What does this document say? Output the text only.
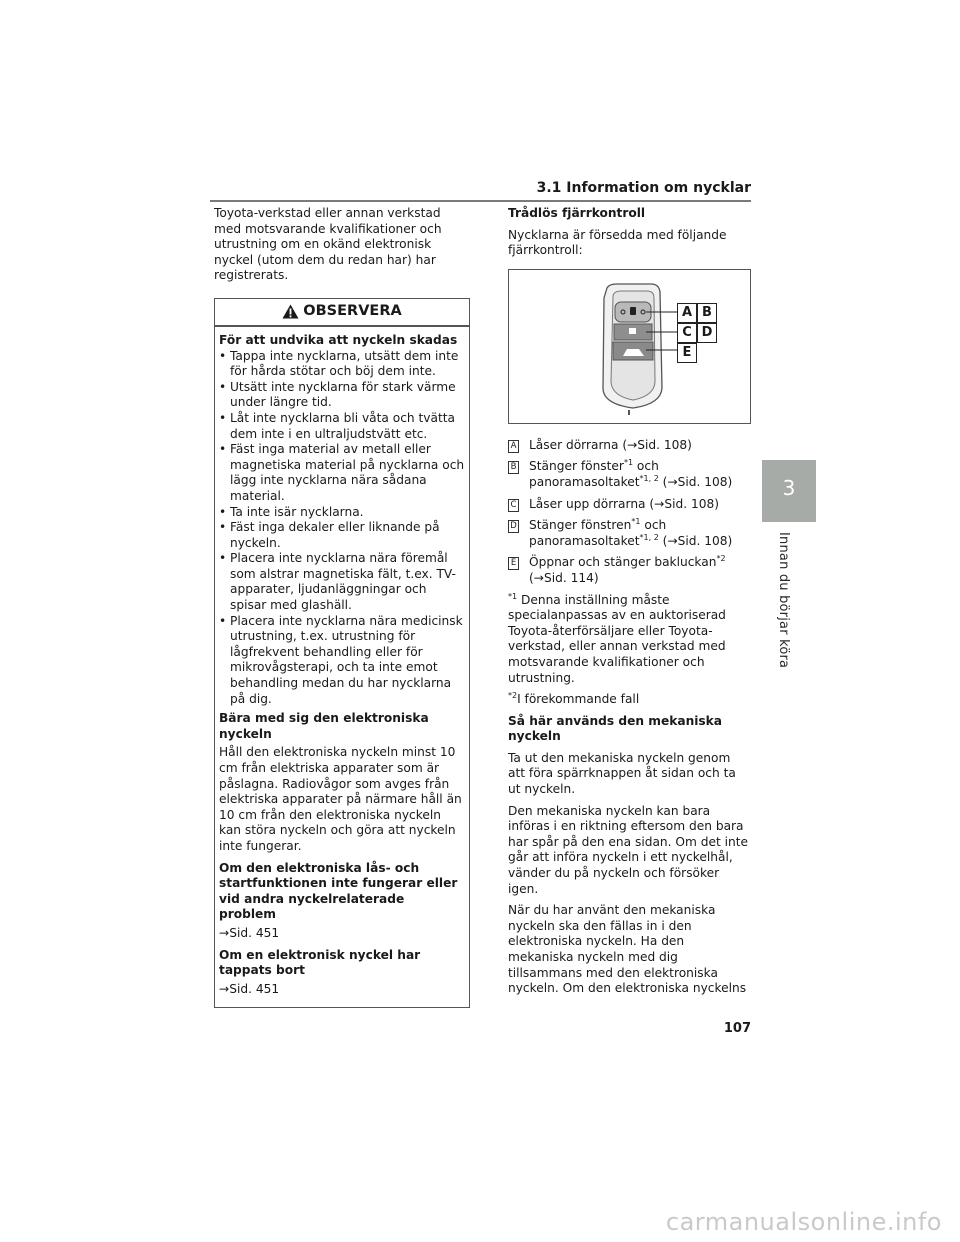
3.1 Information om nycklar

Toyota-verkstad eller annan verkstad med motsvarande kvalifikationer och utrustning om en okänd elektronisk nyckel (utom dem du redan har) har registrerats.

OBSERVERA
För att undvika att nyckeln skadas
• Tappa inte nycklarna, utsätt dem inte för hårda stötar och böj dem inte.
• Utsätt inte nycklarna för stark värme under längre tid.
• Låt inte nycklarna bli våta och tvätta dem inte i en ultraljudstvätt etc.
• Fäst inga material av metall eller magnetiska material på nycklarna och lägg inte nycklarna nära sådana material.
• Ta inte isär nycklarna.
• Fäst inga dekaler eller liknande på nyckeln.
• Placera inte nycklarna nära föremål som alstrar magnetiska fält, t.ex. TV-apparater, ljudanläggningar och spisar med glashäll.
• Placera inte nycklarna nära medicinsk utrustning, t.ex. utrustning för lågfrekvent behandling eller för mikrovågsterapi, och ta inte emot behandling medan du har nycklarna på dig.
Bära med sig den elektroniska nyckeln

Håll den elektroniska nyckeln minst 10 cm från elektriska apparater som är påslagna. Radiovågor som avges från elektriska apparater på närmare håll än 10 cm från den elektroniska nyckeln kan störa nyckeln och göra att nyckeln inte fungerar.

Om den elektroniska lås- och startfunktionen inte fungerar eller vid andra nyckelrelaterade problem

→Sid. 451

Om en elektronisk nyckel har tappats bort

→Sid. 451

Trådlös fjärrkontroll

Nycklarna är försedda med följande fjärrkontroll:

A B
C D
E
A Låser dörrarna (→Sid. 108)
B Stänger fönster$^{*1}$ och panoramasoltaket$^{*1, 2}$ (→Sid. 108)
C Låser upp dörrarna (→Sid. 108)
D Stänger fönstren$^{*1}$ och panoramasoltaket$^{*1, 2}$ (→Sid. 108)
E Öppnar och stänger bakluckan$^{*2}$ (→Sid. 114)

$^{*1}$ Denna inställning måste specialanpassas av en auktoriserad Toyota-återförsäljare eller Toyota-verkstad, eller annan verkstad med motsvarande kvalifikationer och utrustning.

$^{*2}$I förekommande fall

Så här används den mekaniska nyckeln

Ta ut den mekaniska nyckeln genom att föra spärrknappen åt sidan och ta ut nyckeln.

Den mekaniska nyckeln kan bara införas i en riktning eftersom den bara har spår på den ena sidan. Om det inte går att införa nyckeln i ett nyckelhål, vänder du på nyckeln och försöker igen.

När du har använt den mekaniska nyckeln ska den fällas in i den elektroniska nyckeln. Ha den mekaniska nyckeln med dig tillsammans med den elektroniska nyckeln. Om den elektroniska nyckelns

107
3
Innan du börjar köra
carmanualsonline.info
